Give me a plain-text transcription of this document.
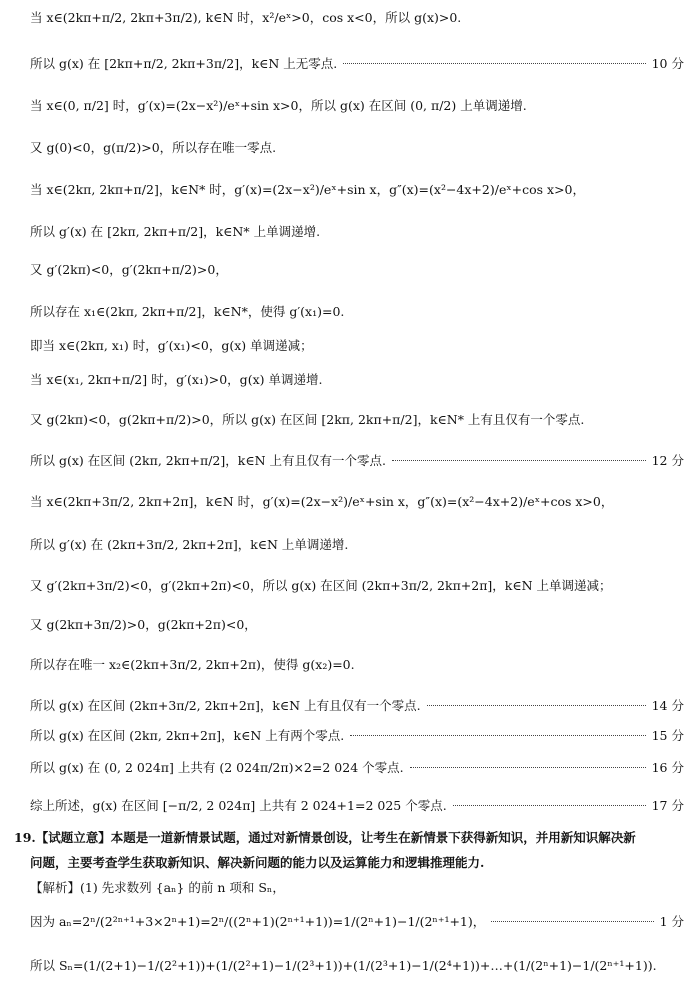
当 x∈(2kπ+π/2, 2kπ+3π/2), k∈N 时，x²/eˣ>0，cos x<0，所以 g(x)>0.
所以 g(x) 在 [2kπ+π/2, 2kπ+3π/2]，k∈N 上无零点.	10 分
当 x∈(0, π/2] 时，g′(x)=(2x−x²)/eˣ+sin x>0，所以 g(x) 在区间 (0, π/2) 上单调递增.
又 g(0)<0，g(π/2)>0，所以存在唯一零点.
当 x∈(2kπ, 2kπ+π/2]，k∈N* 时，g′(x)=(2x−x²)/eˣ+sin x，g″(x)=(x²−4x+2)/eˣ+cos x>0，
所以 g′(x) 在 [2kπ, 2kπ+π/2]，k∈N* 上单调递增.
又 g′(2kπ)<0，g′(2kπ+π/2)>0，
所以存在 x₁∈(2kπ, 2kπ+π/2]，k∈N*，使得 g′(x₁)=0.
即当 x∈(2kπ, x₁) 时，g′(x₁)<0，g(x) 单调递减；
当 x∈(x₁, 2kπ+π/2] 时，g′(x₁)>0，g(x) 单调递增.
又 g(2kπ)<0，g(2kπ+π/2)>0，所以 g(x) 在区间 [2kπ, 2kπ+π/2]，k∈N* 上有且仅有一个零点.
所以 g(x) 在区间 (2kπ, 2kπ+π/2]，k∈N 上有且仅有一个零点.	12 分
当 x∈(2kπ+3π/2, 2kπ+2π]，k∈N 时，g′(x)=(2x−x²)/eˣ+sin x，g″(x)=(x²−4x+2)/eˣ+cos x>0，
所以 g′(x) 在 (2kπ+3π/2, 2kπ+2π]，k∈N 上单调递增.
又 g′(2kπ+3π/2)<0，g′(2kπ+2π)<0，所以 g(x) 在区间 (2kπ+3π/2, 2kπ+2π]，k∈N 上单调递减；
又 g(2kπ+3π/2)>0，g(2kπ+2π)<0，
所以存在唯一 x₂∈(2kπ+3π/2, 2kπ+2π)，使得 g(x₂)=0.
所以 g(x) 在区间 (2kπ+3π/2, 2kπ+2π]，k∈N 上有且仅有一个零点.	14 分
所以 g(x) 在区间 (2kπ, 2kπ+2π]，k∈N 上有两个零点.	15 分
所以 g(x) 在 (0, 2 024π] 上共有 (2 024π/2π)×2=2 024 个零点.	16 分
综上所述，g(x) 在区间 [−π/2, 2 024π] 上共有 2 024+1=2 025 个零点.	17 分
19.【试题立意】本题是一道新情景试题，通过对新情景创设，让考生在新情景下获得新知识，并用新知识解决新
问题，主要考查学生获取新知识、解决新问题的能力以及运算能力和逻辑推理能力.
【解析】(1) 先求数列 {aₙ} 的前 n 项和 Sₙ，
因为 aₙ=2ⁿ/(2²ⁿ⁺¹+3×2ⁿ+1)=2ⁿ/((2ⁿ+1)(2ⁿ⁺¹+1))=1/(2ⁿ+1)−1/(2ⁿ⁺¹+1)，	1 分
所以 Sₙ=(1/(2+1)−1/(2²+1))+(1/(2²+1)−1/(2³+1))+(1/(2³+1)−1/(2⁴+1))+…+(1/(2ⁿ+1)−1/(2ⁿ⁺¹+1)).
